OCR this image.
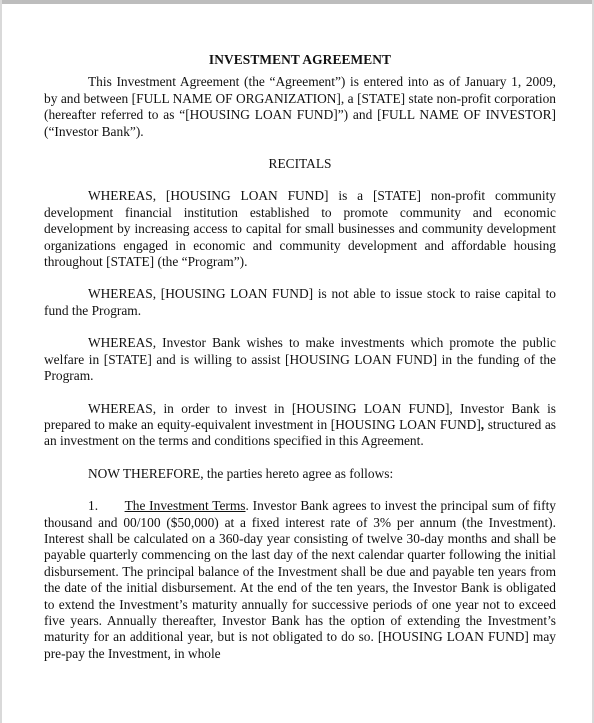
INVESTMENT AGREEMENT

This Investment Agreement (the “Agreement”) is entered into as of January 1, 2009, by and between [FULL NAME OF ORGANIZATION], a [STATE] state non-profit corporation (hereafter referred to as “[HOUSING LOAN FUND]”) and [FULL NAME OF INVESTOR] (“Investor Bank”).

RECITALS

WHEREAS, [HOUSING LOAN FUND] is a [STATE] non-profit community development financial institution established to promote community and economic development by increasing access to capital for small businesses and community development organizations engaged in economic and community development and affordable housing throughout [STATE] (the “Program”).

WHEREAS, [HOUSING LOAN FUND] is not able to issue stock to raise capital to fund the Program.

WHEREAS, Investor Bank wishes to make investments which promote the public welfare in [STATE] and is willing to assist [HOUSING LOAN FUND] in the funding of the Program.

WHEREAS, in order to invest in [HOUSING LOAN FUND], Investor Bank is prepared to make an equity-equivalent investment in [HOUSING LOAN FUND], structured as an investment on the terms and conditions specified in this Agreement.

NOW THEREFORE, the parties hereto agree as follows:

1. The Investment Terms. Investor Bank agrees to invest the principal sum of fifty thousand and 00/100 ($50,000) at a fixed interest rate of 3% per annum (the Investment). Interest shall be calculated on a 360-day year consisting of twelve 30-day months and shall be payable quarterly commencing on the last day of the next calendar quarter following the initial disbursement. The principal balance of the Investment shall be due and payable ten years from the date of the initial disbursement. At the end of the ten years, the Investor Bank is obligated to extend the Investment’s maturity annually for successive periods of one year not to exceed five years. Annually thereafter, Investor Bank has the option of extending the Investment’s maturity for an additional year, but is not obligated to do so. [HOUSING LOAN FUND] may pre-pay the Investment, in whole
